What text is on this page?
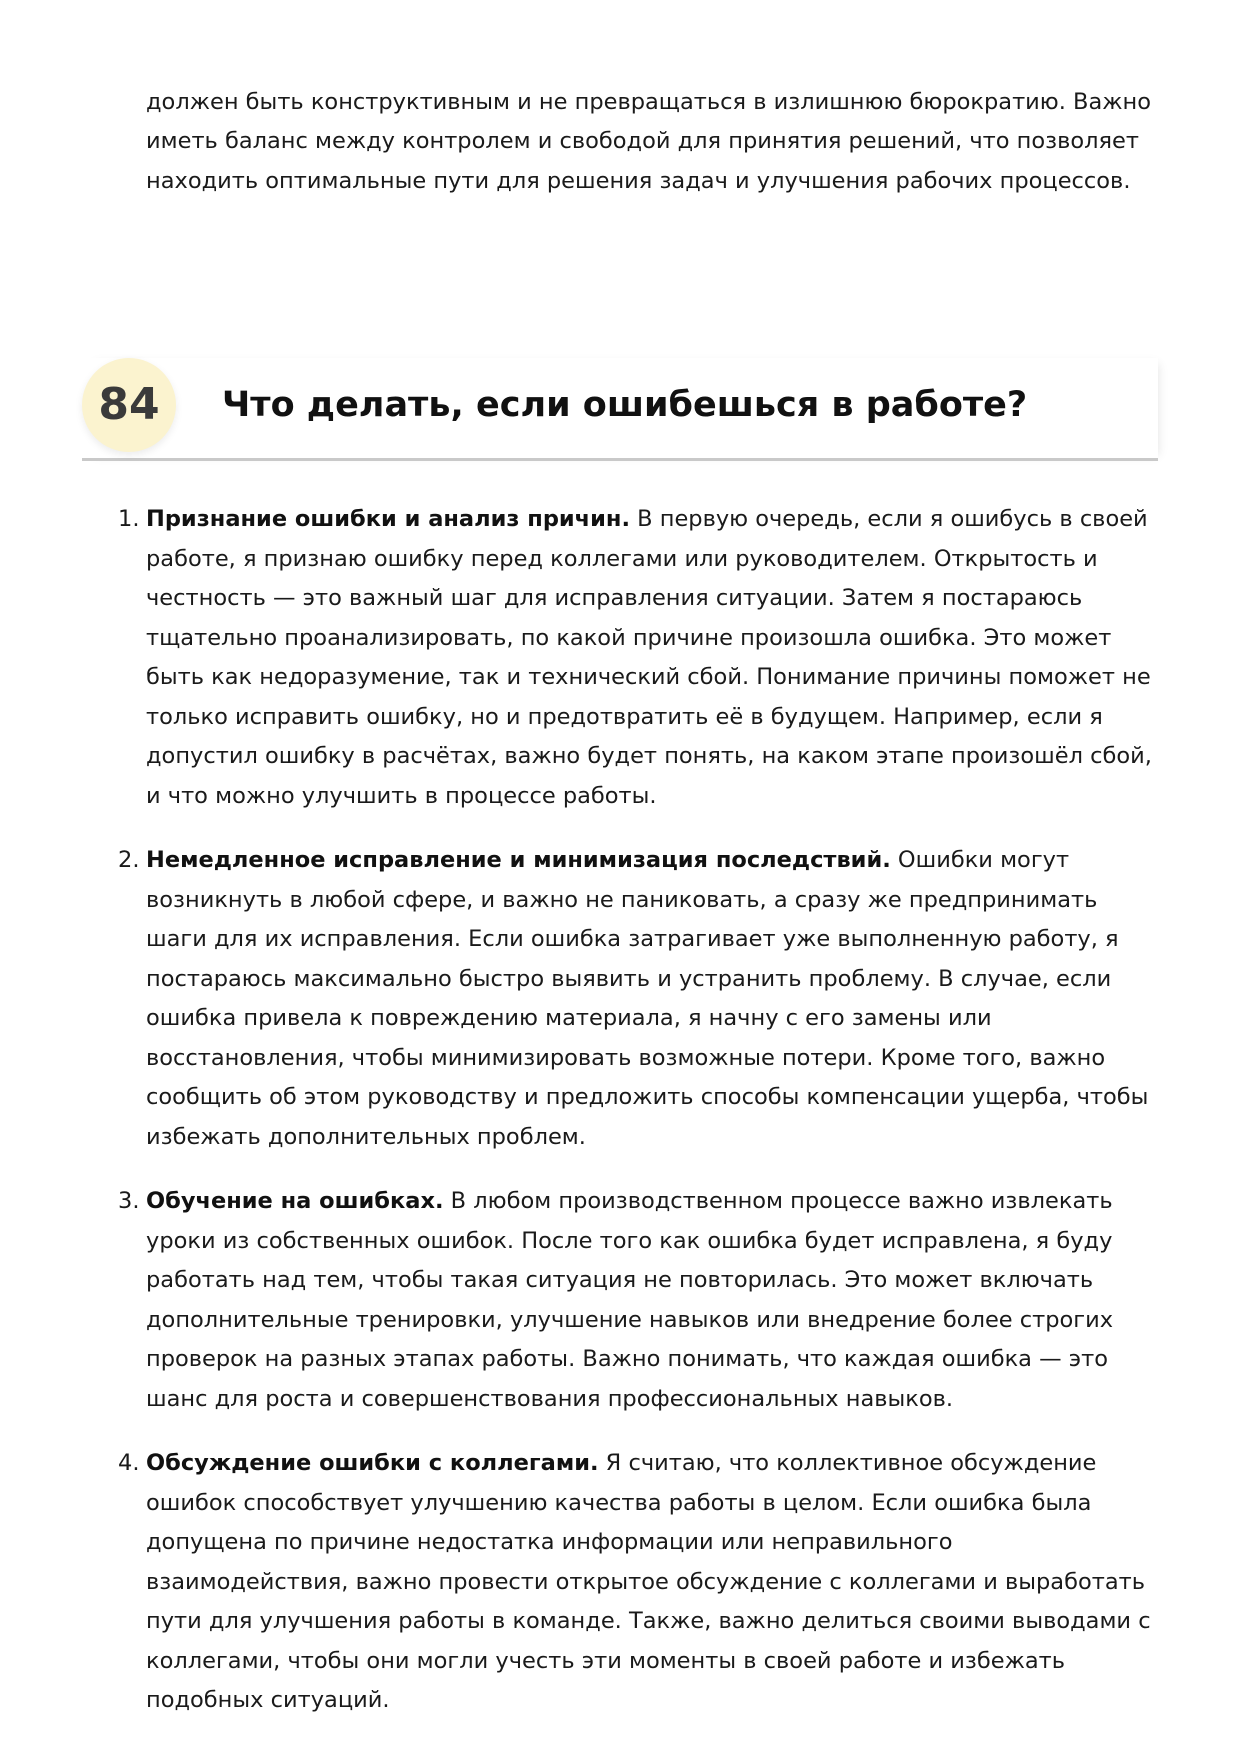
должен быть конструктивным и не превращаться в излишнюю бюрократию. Важно иметь баланс между контролем и свободой для принятия решений, что позволяет находить оптимальные пути для решения задач и улучшения рабочих процессов.

84	Что делать, если ошибешься в работе?
1. Признание ошибки и анализ причин. В первую очередь, если я ошибусь в своей работе, я признаю ошибку перед коллегами или руководителем. Открытость и честность — это важный шаг для исправления ситуации. Затем я постараюсь тщательно проанализировать, по какой причине произошла ошибка. Это может быть как недоразумение, так и технический сбой. Понимание причины поможет не только исправить ошибку, но и предотвратить её в будущем. Например, если я допустил ошибку в расчётах, важно будет понять, на каком этапе произошёл сбой, и что можно улучшить в процессе работы.
2. Немедленное исправление и минимизация последствий. Ошибки могут возникнуть в любой сфере, и важно не паниковать, а сразу же предпринимать шаги для их исправления. Если ошибка затрагивает уже выполненную работу, я постараюсь максимально быстро выявить и устранить проблему. В случае, если ошибка привела к повреждению материала, я начну с его замены или восстановления, чтобы минимизировать возможные потери. Кроме того, важно сообщить об этом руководству и предложить способы компенсации ущерба, чтобы избежать дополнительных проблем.
3. Обучение на ошибках. В любом производственном процессе важно извлекать уроки из собственных ошибок. После того как ошибка будет исправлена, я буду работать над тем, чтобы такая ситуация не повторилась. Это может включать дополнительные тренировки, улучшение навыков или внедрение более строгих проверок на разных этапах работы. Важно понимать, что каждая ошибка — это шанс для роста и совершенствования профессиональных навыков.
4. Обсуждение ошибки с коллегами. Я считаю, что коллективное обсуждение ошибок способствует улучшению качества работы в целом. Если ошибка была допущена по причине недостатка информации или неправильного взаимодействия, важно провести открытое обсуждение с коллегами и выработать пути для улучшения работы в команде. Также, важно делиться своими выводами с коллегами, чтобы они могли учесть эти моменты в своей работе и избежать подобных ситуаций.
